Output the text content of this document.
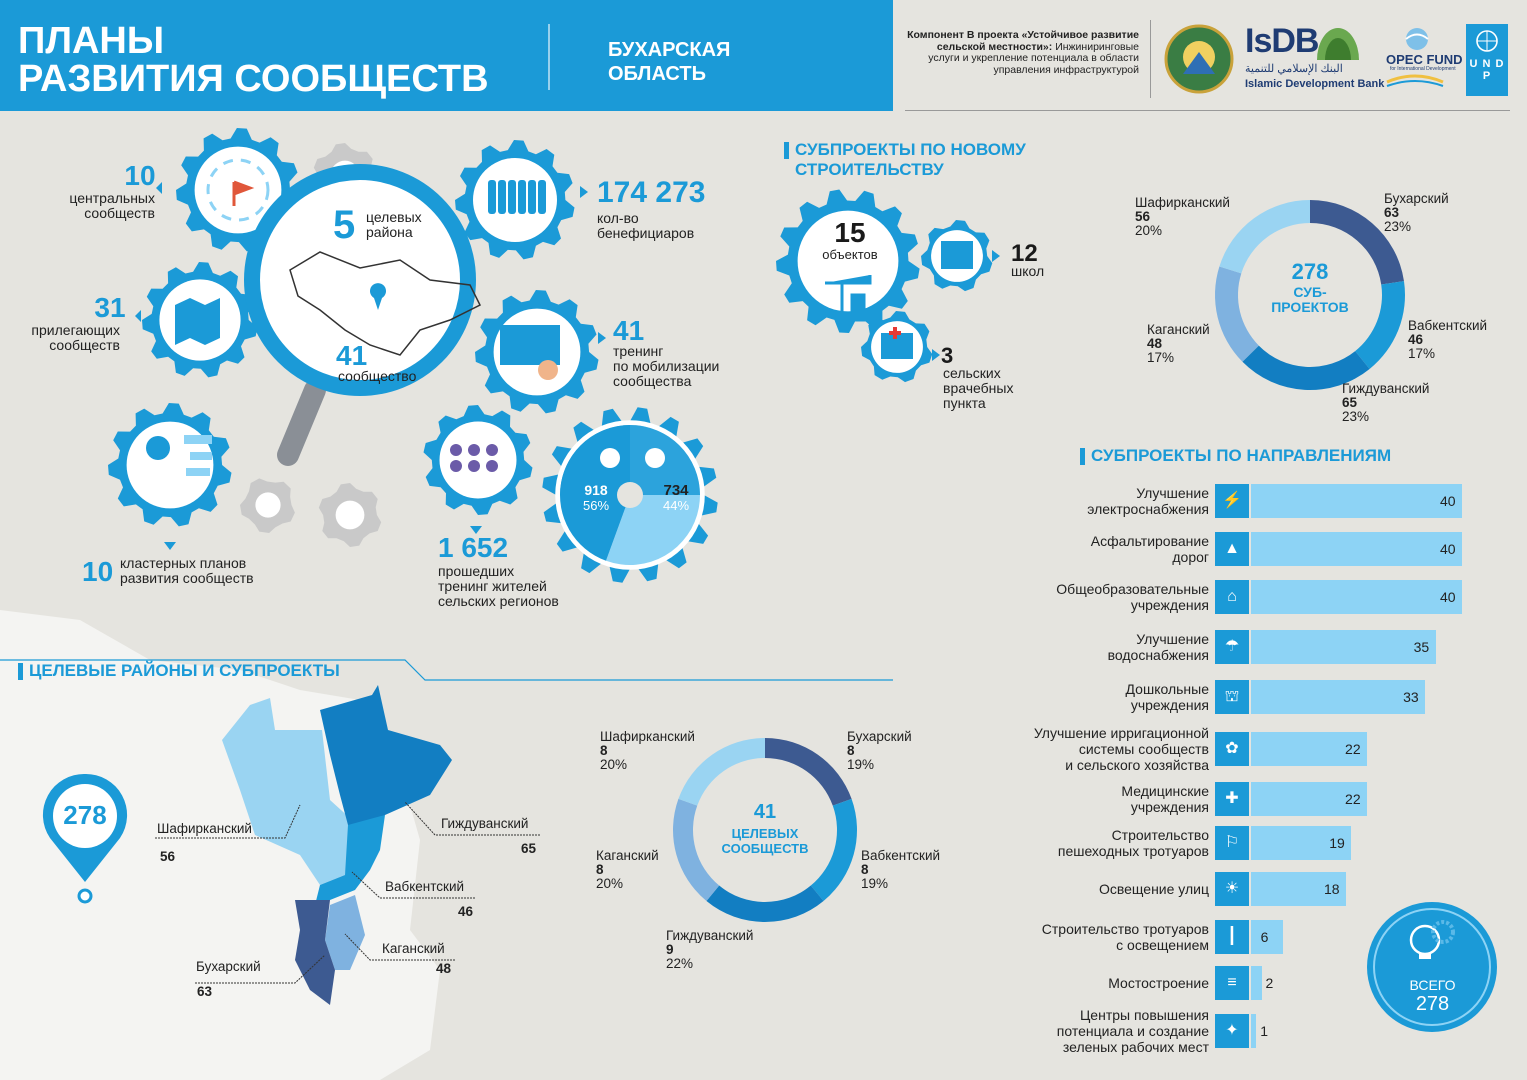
ПЛАНЫ
РАЗВИТИЯ СООБЩЕСТВ
БУХАРСКАЯ
ОБЛАСТЬ
Компонент В проекта «Устойчивое развитие сельской местности»: Инжиниринговые услуги и укрепление потенциала в области управления инфраструктурой
IsDB
البنك الإسلامي للتنمية
Islamic Development Bank
OPEC FUND
for International Development	U N D P
10
центральных
сообществ
31
прилегающих
сообществ
10 кластерных планов
развития сообществ
5 целевых
района
41
сообщество
174 273
кол-во
бенефициаров
41
тренинг
по мобилизации
сообщества
1 652
прошедших
тренинг жителей
сельских регионов
918
56%
734
44%
СУБПРОЕКТЫ ПО НОВОМУ
СТРОИТЕЛЬСТВУ
15
объектов	12
школ
3
сельских
врачебных
пункта
278
СУБ-
ПРОЕКТОВ
Бухарский
63
23%
Вабкентский
46
17%
Гиждуванский
65
23%
Каганский
48
17%
Шафирканский
56
20%
СУБПРОЕКТЫ ПО НАПРАВЛЕНИЯМ
Улучшение
электроснабжения ⚡	40
Асфальтирование
дорог ▲	40
Общеобразовательные
учреждения	⌂	40
Улучшение
водоснабжения ☂	35
Дошкольные
учреждения ⛫	33
Улучшение ирригационной
системы сообществ
и сельского хозяйства
✿	22
Медицинские
учреждения	✚	22
Строительство
пешеходных тротуаров ⚐	19
Освещение улиц ☀	18
Строительство тротуаров
с освещением	┃	6
Мостостроение	≡	2
Центры повышения
потенциала и создание
зеленых рабочих мест
✦	1
ВСЕГО
278
ЦЕЛЕВЫЕ РАЙОНЫ И СУБПРОЕКТЫ
278	Шафирканский
56
Гиждуванский
65
Вабкентский
46
Каганский
48
Бухарский
63
41
ЦЕЛЕВЫХ
СООБЩЕСТВ
Бухарский
8
19%
Вабкентский
8
19%
Гиждуванский
9
22%
Каганский
8
20%
Шафирканский
8
20%
